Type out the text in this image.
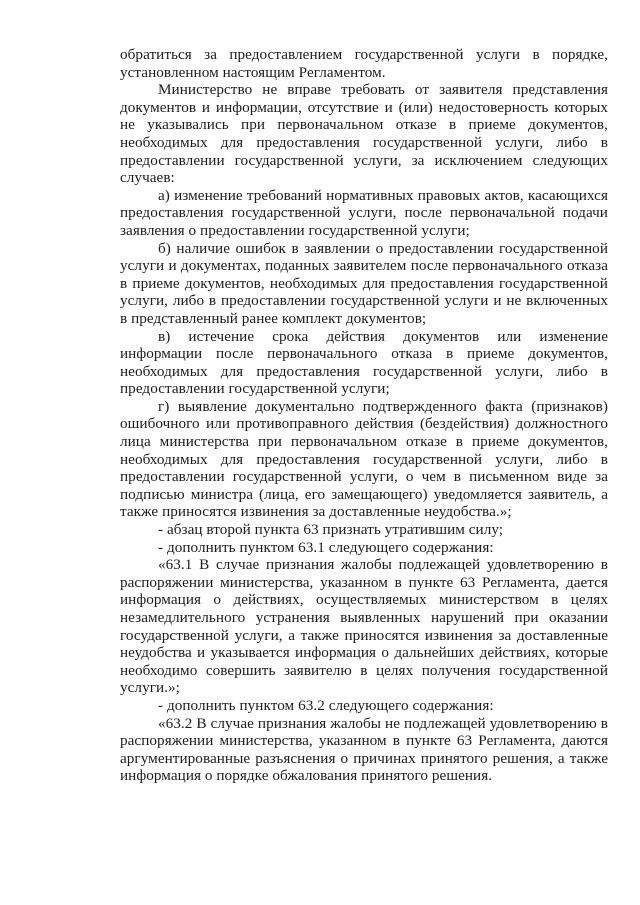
обратиться за предоставлением государственной услуги в порядке, установленном настоящим Регламентом.

Министерство не вправе требовать от заявителя представления документов и информации, отсутствие и (или) недостоверность которых не указывались при первоначальном отказе в приеме документов, необходимых для предоставления государственной услуги, либо в предоставлении государственной услуги, за исключением следующих случаев:

а) изменение требований нормативных правовых актов, касающихся предоставления государственной услуги, после первоначальной подачи заявления о предоставлении государственной услуги;

б) наличие ошибок в заявлении о предоставлении государственной услуги и документах, поданных заявителем после первоначального отказа в приеме документов, необходимых для предоставления государственной услуги, либо в предоставлении государственной услуги и не включенных в представленный ранее комплект документов;

в) истечение срока действия документов или изменение информации после первоначального отказа в приеме документов, необходимых для предоставления государственной услуги, либо в предоставлении государственной услуги;

г) выявление документально подтвержденного факта (признаков) ошибочного или противоправного действия (бездействия) должностного лица министерства при первоначальном отказе в приеме документов, необходимых для предоставления государственной услуги, либо в предоставлении государственной услуги, о чем в письменном виде за подписью министра (лица, его замещающего) уведомляется заявитель, а также приносятся извинения за доставленные неудобства.»;

- абзац второй пункта 63 признать утратившим силу;

- дополнить пунктом 63.1 следующего содержания:

«63.1 В случае признания жалобы подлежащей удовлетворению в распоряжении министерства, указанном в пункте 63 Регламента, дается информация о действиях, осуществляемых министерством в целях незамедлительного устранения выявленных нарушений при оказании государственной услуги, а также приносятся извинения за доставленные неудобства и указывается информация о дальнейших действиях, которые необходимо совершить заявителю в целях получения государственной услуги.»;

- дополнить пунктом 63.2 следующего содержания:

«63.2 В случае признания жалобы не подлежащей удовлетворению в распоряжении министерства, указанном в пункте 63 Регламента, даются аргументированные разъяснения о причинах принятого решения, а также информация о порядке обжалования принятого решения.
